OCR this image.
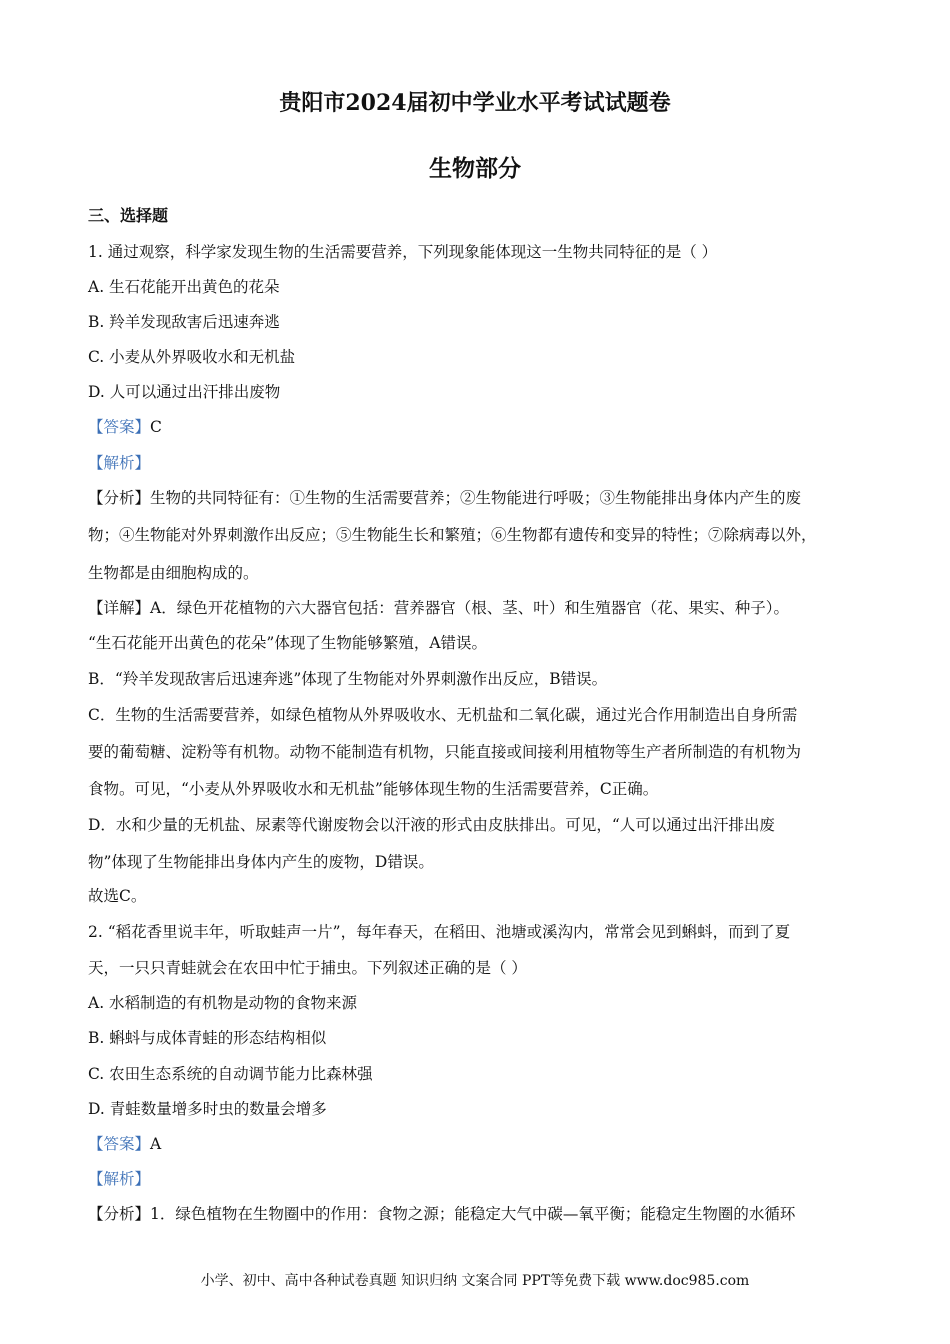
贵阳市2024届初中学业水平考试试题卷
生物部分
三、选择题
1. 通过观察，科学家发现生物的生活需要营养，下列现象能体现这一生物共同特征的是（ ）
A. 生石花能开出黄色的花朵
B. 羚羊发现敌害后迅速奔逃
C. 小麦从外界吸收水和无机盐
D. 人可以通过出汗排出废物
【答案】C
【解析】
【分析】生物的共同特征有：①生物的生活需要营养；②生物能进行呼吸；③生物能排出身体内产生的废
物；④生物能对外界刺激作出反应；⑤生物能生长和繁殖；⑥生物都有遗传和变异的特性；⑦除病毒以外，
生物都是由细胞构成的。
【详解】A．绿色开花植物的六大器官包括：营养器官（根、茎、叶）和生殖器官（花、果实、种子）。
“生石花能开出黄色的花朵”体现了生物能够繁殖，A错误。
B．“羚羊发现敌害后迅速奔逃”体现了生物能对外界刺激作出反应，B错误。
C．生物的生活需要营养，如绿色植物从外界吸收水、无机盐和二氧化碳，通过光合作用制造出自身所需
要的葡萄糖、淀粉等有机物。动物不能制造有机物，只能直接或间接利用植物等生产者所制造的有机物为
食物。可见，“小麦从外界吸收水和无机盐”能够体现生物的生活需要营养，C正确。
D．水和少量的无机盐、尿素等代谢废物会以汗液的形式由皮肤排出。可见，“人可以通过出汗排出废
物”体现了生物能排出身体内产生的废物，D错误。
故选C。
2. “稻花香里说丰年，听取蛙声一片”，每年春天，在稻田、池塘或溪沟内，常常会见到蝌蚪，而到了夏
天，一只只青蛙就会在农田中忙于捕虫。下列叙述正确的是（ ）
A. 水稻制造的有机物是动物的食物来源
B. 蝌蚪与成体青蛙的形态结构相似
C. 农田生态系统的自动调节能力比森林强
D. 青蛙数量增多时虫的数量会增多
【答案】A
【解析】
【分析】1．绿色植物在生物圈中的作用：食物之源；能稳定大气中碳—氧平衡；能稳定生物圈的水循环
小学、初中、高中各种试卷真题 知识归纳 文案合同 PPT等免费下载 www.doc985.com
